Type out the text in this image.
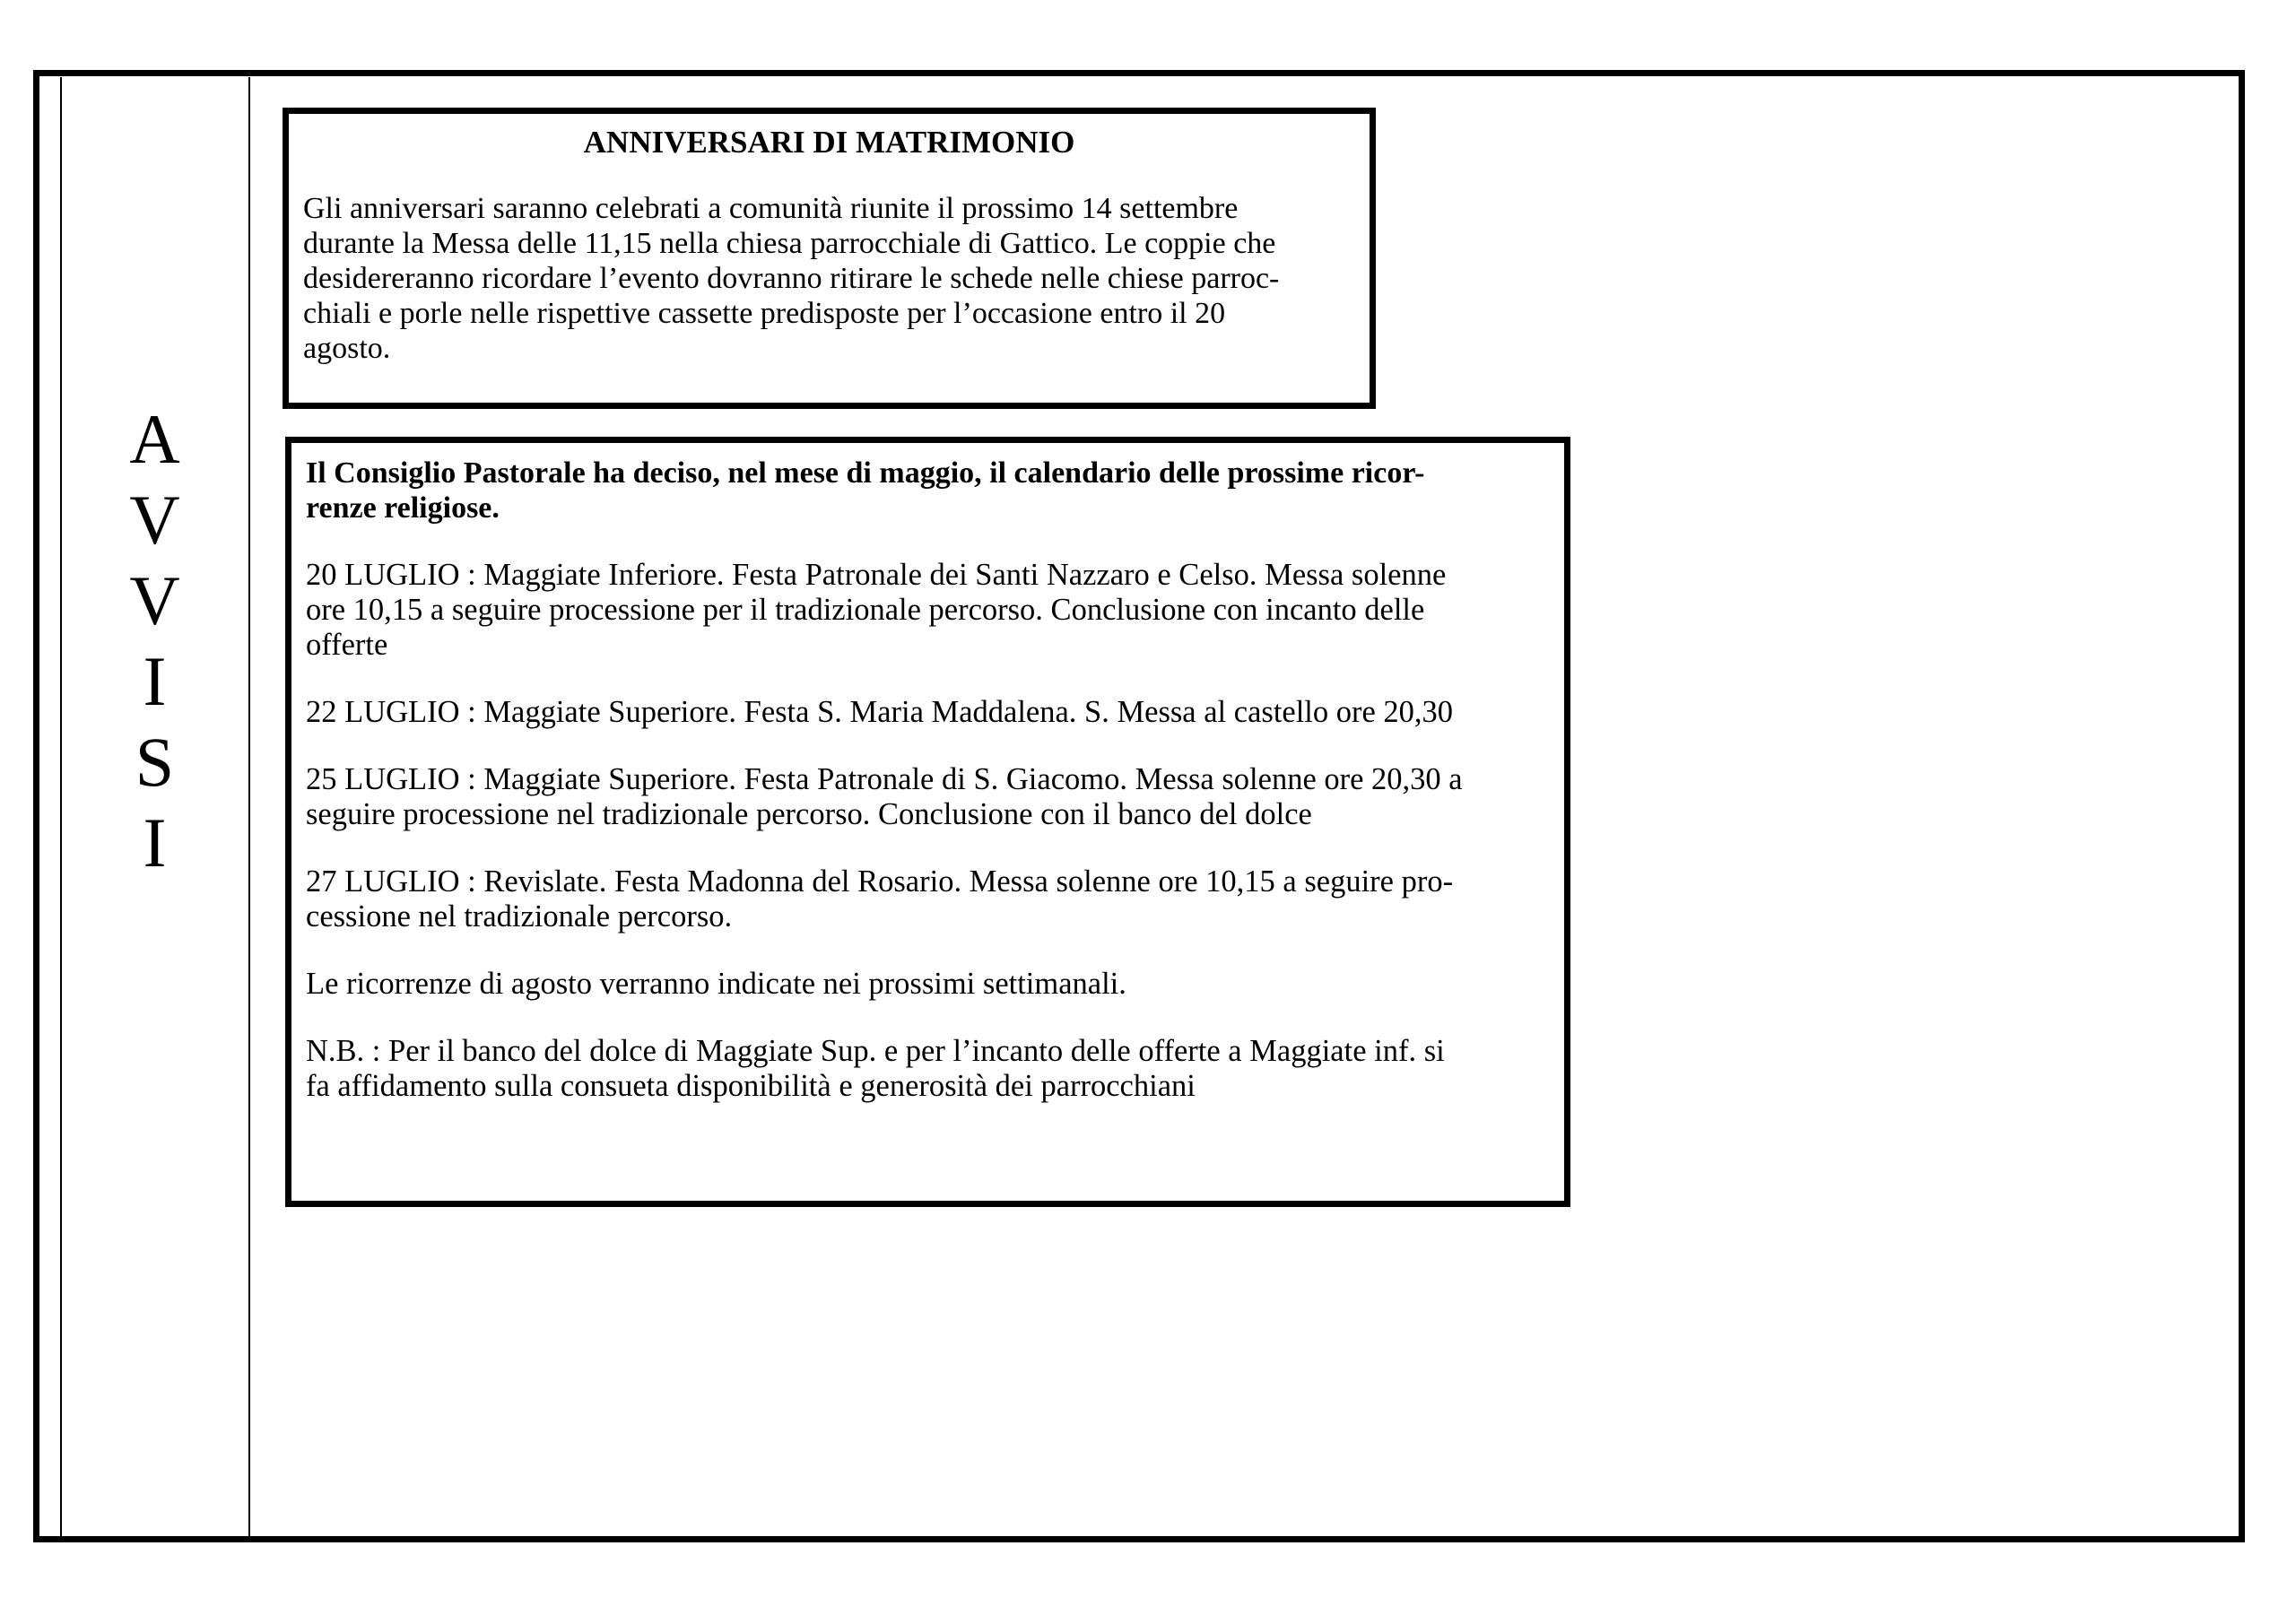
A
V
V
I
S
I

ANNIVERSARI DI MATRIMONIO

Gli anniversari saranno celebrati a comunità riunite il prossimo 14 settembre
durante la Messa delle 11,15 nella chiesa parrocchiale di Gattico. Le coppie che
desidereranno ricordare l’evento dovranno ritirare le schede nelle chiese parroc-
chiali e porle nelle rispettive cassette predisposte per l’occasione entro il 20
agosto.

Il Consiglio Pastorale ha deciso, nel mese di maggio, il calendario delle prossime ricor-
renze religiose.

20 LUGLIO : Maggiate Inferiore. Festa Patronale dei Santi Nazzaro e Celso. Messa solenne
ore 10,15 a seguire processione per il tradizionale percorso. Conclusione con incanto delle
offerte

22 LUGLIO : Maggiate Superiore. Festa S. Maria Maddalena. S. Messa al castello ore 20,30

25 LUGLIO : Maggiate Superiore. Festa Patronale di S. Giacomo. Messa solenne ore 20,30 a
seguire processione nel tradizionale percorso. Conclusione con il banco del dolce

27 LUGLIO : Revislate. Festa Madonna del Rosario. Messa solenne ore 10,15 a seguire pro-
cessione nel tradizionale percorso.

Le ricorrenze di agosto verranno indicate nei prossimi settimanali.

N.B. : Per il banco del dolce di Maggiate Sup. e per l’incanto delle offerte a Maggiate inf. si
fa affidamento sulla consueta disponibilità e generosità dei parrocchiani
